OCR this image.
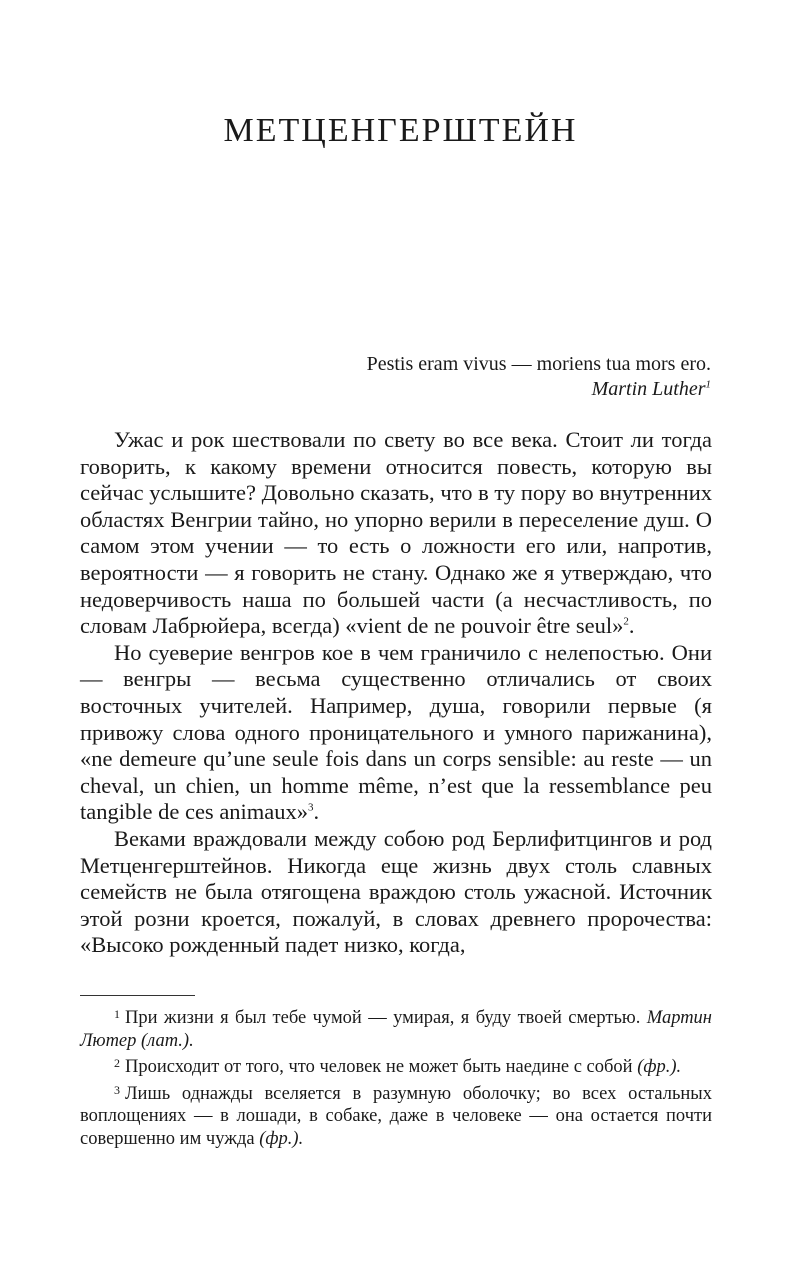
МЕТЦЕНГЕРШТЕЙН
Pestis eram vivus — moriens tua mors ero.
Martin Luther$^1$

Ужас и рок шествовали по свету во все века. Стоит ли тогда говорить, к какому времени относится повесть, которую вы сейчас услышите? Довольно сказать, что в ту пору во внутренних областях Венгрии тайно, но упорно верили в переселение душ. О самом этом учении — то есть о ложности его или, напротив, вероятности — я говорить не стану. Однако же я утверждаю, что недоверчивость наша по большей части (а несчастливость, по словам Лабрюйера, всегда) «vient de ne pouvoir être seul»$^2$.

Но суеверие венгров кое в чем граничило с нелепостью. Они — венгры — весьма существенно отличались от своих восточных учителей. Например, душа, говорили первые (я привожу слова одного проницательного и умного парижанина), «ne demeure qu’une seule fois dans un corps sensible: au reste — un cheval, un chien, un homme même, n’est que la ressemblance peu tangible de ces animaux»$^3$.

Веками враждовали между собою род Берлифитцингов и род Метценгерштейнов. Никогда еще жизнь двух столь славных семейств не была отягощена враждою столь ужасной. Источник этой розни кроется, пожалуй, в словах древнего пророчества: «Высоко рожденный падет низко, когда,

$^1$ При жизни я был тебе чумой — умирая, я буду твоей смертью. Мартин Лютер (лат.).

$^2$ Происходит от того, что человек не может быть наедине с собой (фр.).

$^3$ Лишь однажды вселяется в разумную оболочку; во всех остальных воплощениях — в лошади, в собаке, даже в человеке — она остается почти совершенно им чужда (фр.).
